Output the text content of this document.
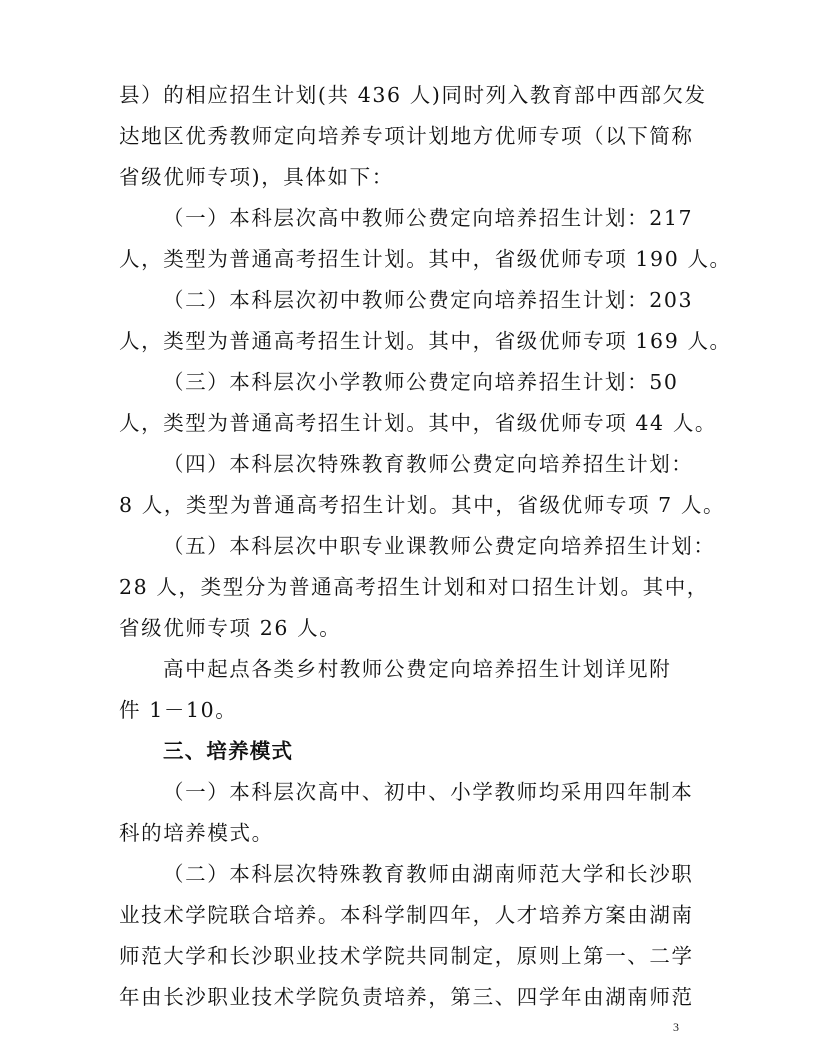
县）的相应招生计划(共 436 人)同时列入教育部中西部欠发
达地区优秀教师定向培养专项计划地方优师专项（以下简称
省级优师专项)，具体如下：
（一）本科层次高中教师公费定向培养招生计划：217
人，类型为普通高考招生计划。其中，省级优师专项 190 人。
（二）本科层次初中教师公费定向培养招生计划：203
人，类型为普通高考招生计划。其中，省级优师专项 169 人。
（三）本科层次小学教师公费定向培养招生计划：50
人，类型为普通高考招生计划。其中，省级优师专项 44 人。
（四）本科层次特殊教育教师公费定向培养招生计划：
8 人，类型为普通高考招生计划。其中，省级优师专项 7 人。
（五）本科层次中职专业课教师公费定向培养招生计划：
28 人，类型分为普通高考招生计划和对口招生计划。其中，
省级优师专项 26 人。
高中起点各类乡村教师公费定向培养招生计划详见附
件 1－10。
三、培养模式
（一）本科层次高中、初中、小学教师均采用四年制本
科的培养模式。
（二）本科层次特殊教育教师由湖南师范大学和长沙职
业技术学院联合培养。本科学制四年，人才培养方案由湖南
师范大学和长沙职业技术学院共同制定，原则上第一、二学
年由长沙职业技术学院负责培养，第三、四学年由湖南师范
3
